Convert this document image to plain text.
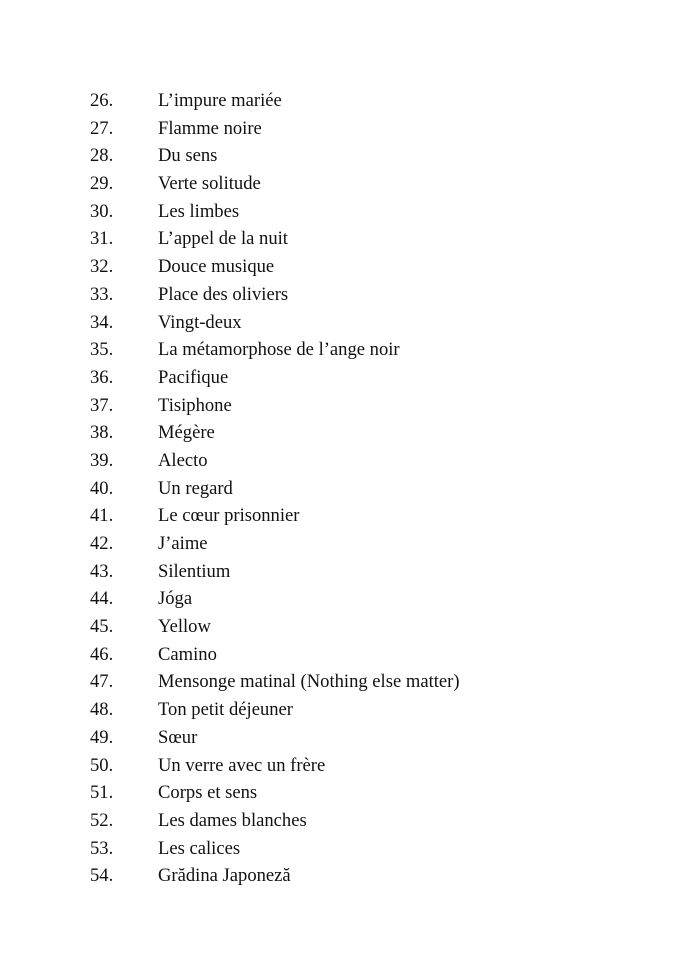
26.	L’impure mariée
27.	Flamme noire
28.	Du sens
29.	Verte solitude
30.	Les limbes
31.	L’appel de la nuit
32.	Douce musique
33.	Place des oliviers
34.	Vingt-deux
35.	La métamorphose de l’ange noir
36.	Pacifique
37.	Tisiphone
38.	Mégère
39.	Alecto
40.	Un regard
41.	Le cœur prisonnier
42.	J’aime
43.	Silentium
44.	Jóga
45.	Yellow
46.	Camino
47.	Mensonge matinal (Nothing else matter)
48.	Ton petit déjeuner
49.	Sœur
50.	Un verre avec un frère
51.	Corps et sens
52.	Les dames blanches
53.	Les calices
54.	Grădina Japoneză
